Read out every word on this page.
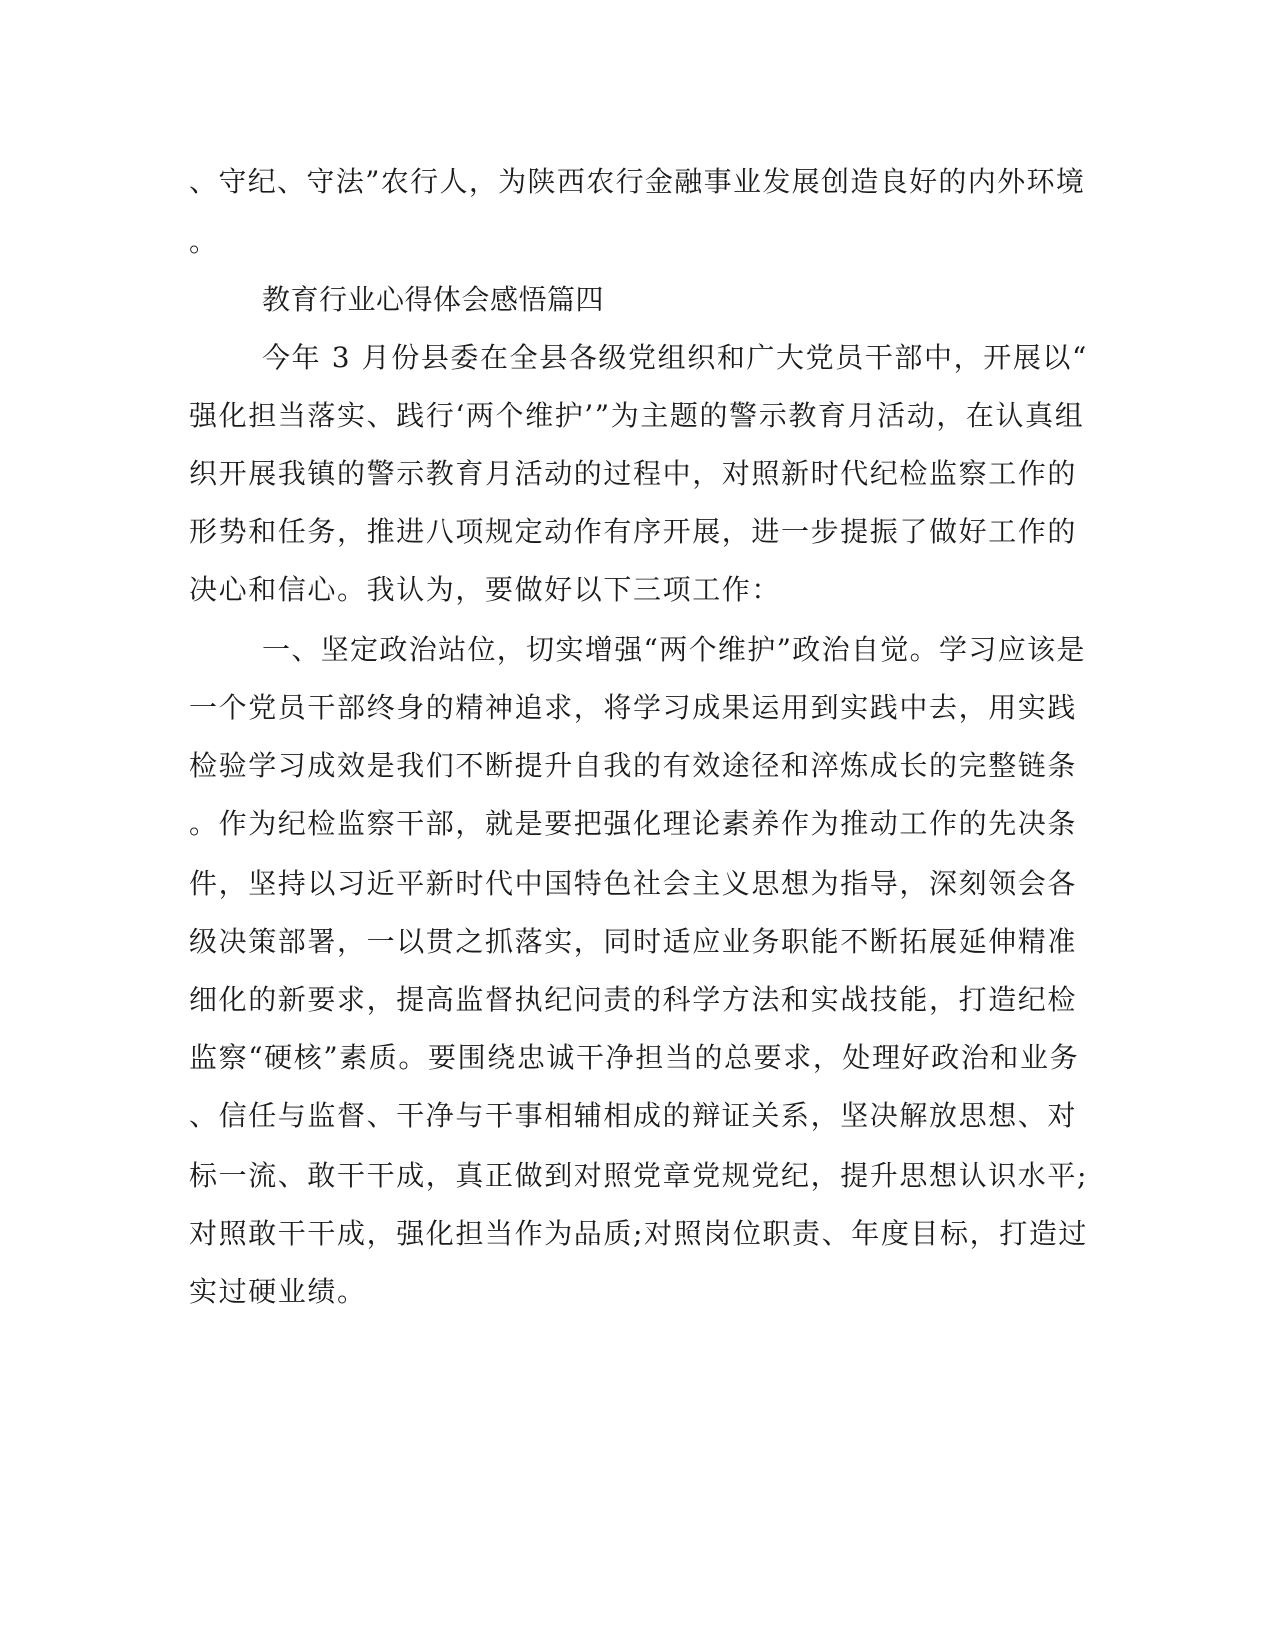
、守纪、守法”农行人，为陕西农行金融事业发展创造良好的内外环境
。
教育行业心得体会感悟篇四
今年 3 月份县委在全县各级党组织和广大党员干部中，开展以“
强化担当落实、践行‘两个维护’”为主题的警示教育月活动，在认真组
织开展我镇的警示教育月活动的过程中，对照新时代纪检监察工作的
形势和任务，推进八项规定动作有序开展，进一步提振了做好工作的
决心和信心。我认为，要做好以下三项工作：
一、坚定政治站位，切实增强“两个维护”政治自觉。学习应该是
一个党员干部终身的精神追求，将学习成果运用到实践中去，用实践
检验学习成效是我们不断提升自我的有效途径和淬炼成长的完整链条
。作为纪检监察干部，就是要把强化理论素养作为推动工作的先决条
件，坚持以习近平新时代中国特色社会主义思想为指导，深刻领会各
级决策部署，一以贯之抓落实，同时适应业务职能不断拓展延伸精准
细化的新要求，提高监督执纪问责的科学方法和实战技能，打造纪检
监察“硬核”素质。要围绕忠诚干净担当的总要求，处理好政治和业务
、信任与监督、干净与干事相辅相成的辩证关系，坚决解放思想、对
标一流、敢干干成，真正做到对照党章党规党纪，提升思想认识水平;
对照敢干干成，强化担当作为品质;对照岗位职责、年度目标，打造过
实过硬业绩。
